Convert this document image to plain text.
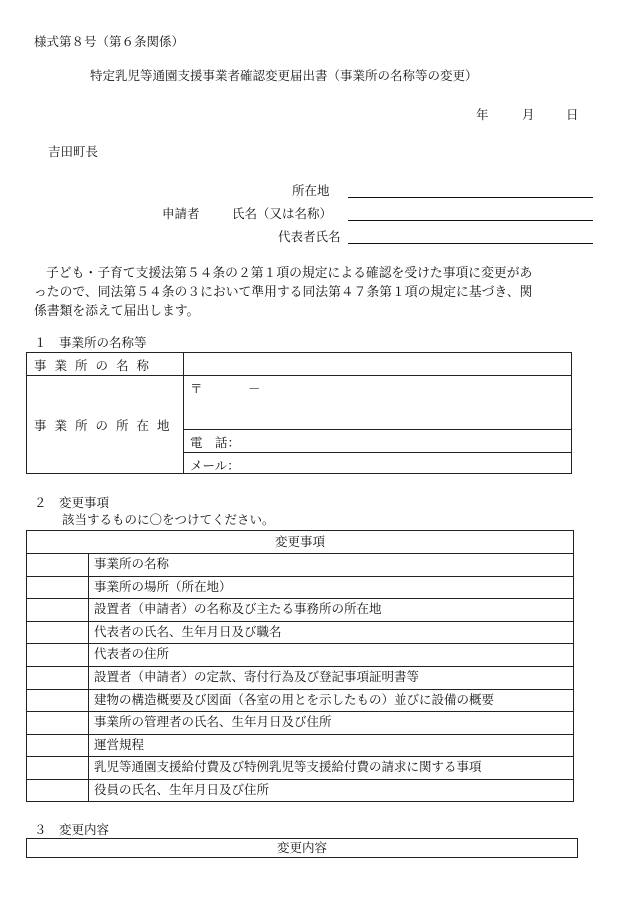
様式第８号（第６条関係）
特定乳児等通園支援事業者確認変更届出書（事業所の名称等の変更）
年	月	日
吉田町長
所在地
申請者	氏名（又は名称）
代表者氏名
子ども・子育て支援法第５４条の２第１項の規定による確認を受けた事項に変更があ
ったので、同法第５４条の３において準用する同法第４７条第１項の規定に基づき、関
係書類を添えて届出します。
１　事業所の名称等
事業所の名称
事業所の所在地
〒	－
電　話：
メール：
２　変更事項
該当するものに〇をつけてください。
変更事項
事業所の名称
事業所の場所（所在地）
設置者（申請者）の名称及び主たる事務所の所在地
代表者の氏名、生年月日及び職名
代表者の住所
設置者（申請者）の定款、寄付行為及び登記事項証明書等
建物の構造概要及び図面（各室の用とを示したもの）並びに設備の概要
事業所の管理者の氏名、生年月日及び住所
運営規程
乳児等通園支援給付費及び特例乳児等支援給付費の請求に関する事項
役員の氏名、生年月日及び住所
３　変更内容
変更内容
